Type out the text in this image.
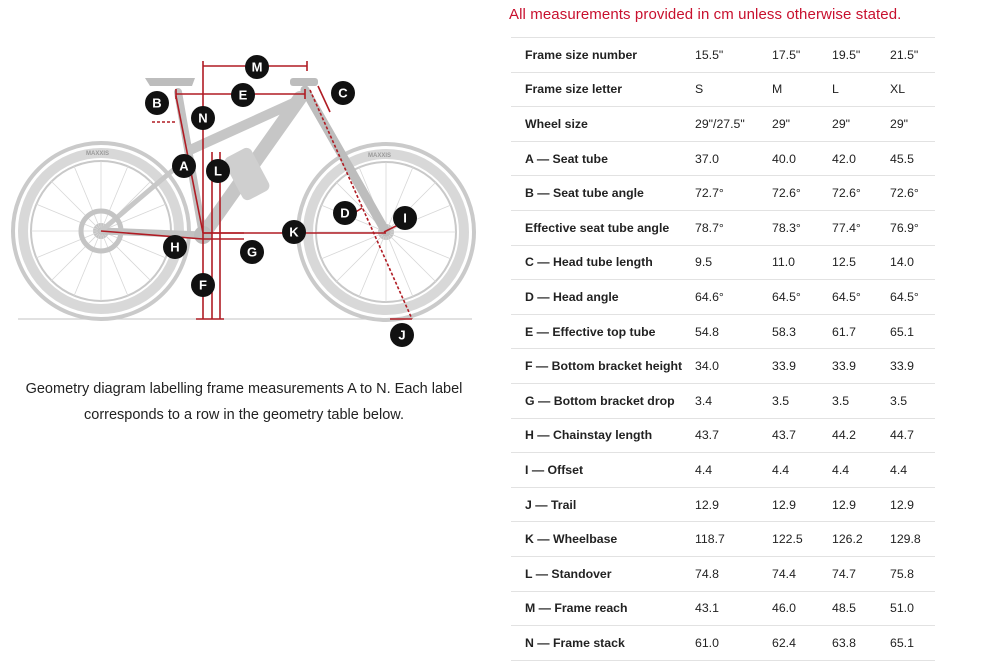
All measurements provided in cm unless otherwise stated.
MAXXIS	MAXXIS
M
E	C
B
N
A L
D	I
K
H	G
F
J
Geometry diagram labelling frame measurements A to N. Each label corresponds to a row in the geometry table below.
Frame size number	15.5"	17.5"	19.5"	21.5"
Frame size letter	S	M	L	XL
Wheel size	29"/27.5"	29"	29"	29"
A — Seat tube	37.0	40.0	42.0	45.5
B — Seat tube angle	72.7°	72.6°	72.6°	72.6°
Effective seat tube angle	78.7°	78.3°	77.4°	76.9°
C — Head tube length	9.5	11.0	12.5	14.0
D — Head angle	64.6°	64.5°	64.5°	64.5°
E — Effective top tube	54.8	58.3	61.7	65.1
F — Bottom bracket height	34.0	33.9	33.9	33.9
G — Bottom bracket drop	3.4	3.5	3.5	3.5
H — Chainstay length	43.7	43.7	44.2	44.7
I — Offset	4.4	4.4	4.4	4.4
J — Trail	12.9	12.9	12.9	12.9
K — Wheelbase	118.7	122.5	126.2	129.8
L — Standover	74.8	74.4	74.7	75.8
M — Frame reach	43.1	46.0	48.5	51.0
N — Frame stack	61.0	62.4	63.8	65.1
